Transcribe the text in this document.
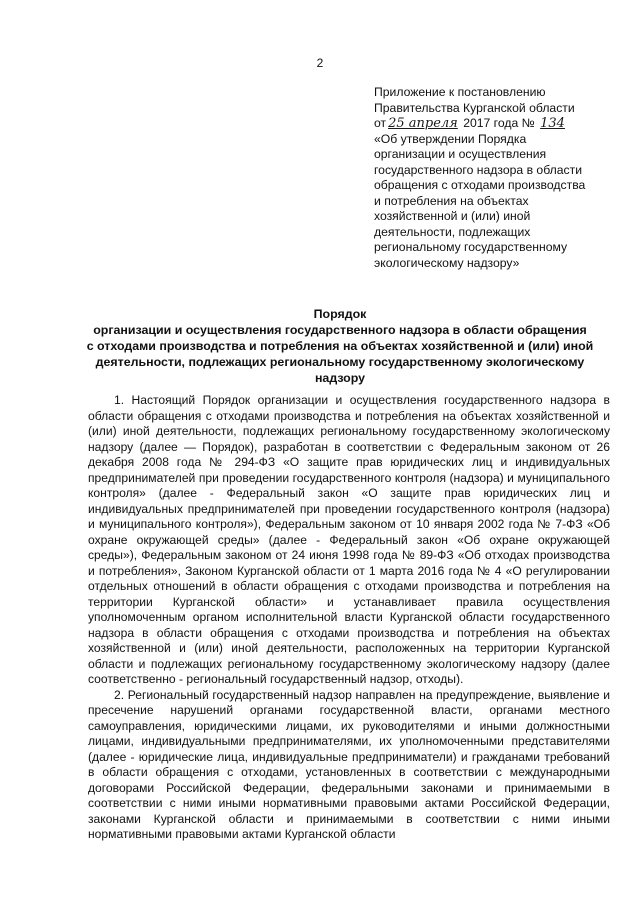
2
Приложение к постановлению
Правительства Курганской области
от 25 апреля 2017 года № 134
«Об утверждении Порядка
организации и осуществления
государственного надзора в области
обращения с отходами производства
и потребления на объектах
хозяйственной и (или) иной
деятельности, подлежащих
региональному государственному
экологическому надзору»
Порядок
организации и осуществления государственного надзора в области обращения
с отходами производства и потребления на объектах хозяйственной и (или) иной
деятельности, подлежащих региональному государственному экологическому
надзору

1. Настоящий Порядок организации и осуществления государственного надзора в области обращения с отходами производства и потребления на объектах хозяйственной и (или) иной деятельности, подлежащих региональному государственному экологическому надзору (далее — Порядок), разработан в соответствии с Федеральным законом от 26 декабря 2008 года № 294-ФЗ «О защите прав юридических лиц и индивидуальных предпринимателей при проведении государственного контроля (надзора) и муниципального контроля» (далее - Федеральный закон «О защите прав юридических лиц и индивидуальных предпринимателей при проведении государственного контроля (надзора) и муниципального контроля»), Федеральным законом от 10 января 2002 года № 7-ФЗ «Об охране окружающей среды» (далее - Федеральный закон «Об охране окружающей среды»), Федеральным законом от 24 июня 1998 года № 89-ФЗ «Об отходах производства и потребления», Законом Курганской области от 1 марта 2016 года № 4 «О регулировании отдельных отношений в области обращения с отходами производства и потребления на территории Курганской области» и устанавливает правила осуществления уполномоченным органом исполнительной власти Курганской области государственного надзора в области обращения с отходами производства и потребления на объектах хозяйственной и (или) иной деятельности, расположенных на территории Курганской области и подлежащих региональному государственному экологическому надзору (далее соответственно - региональный государственный надзор, отходы).

2. Региональный государственный надзор направлен на предупреждение, выявление и пресечение нарушений органами государственной власти, органами местного самоуправления, юридическими лицами, их руководителями и иными должностными лицами, индивидуальными предпринимателями, их уполномоченными представителями (далее - юридические лица, индивидуальные предприниматели) и гражданами требований в области обращения с отходами, установленных в соответствии с международными договорами Российской Федерации, федеральными законами и принимаемыми в соответствии с ними иными нормативными правовыми актами Российской Федерации, законами Курганской области и принимаемыми в соответствии с ними иными нормативными правовыми актами Курганской области
